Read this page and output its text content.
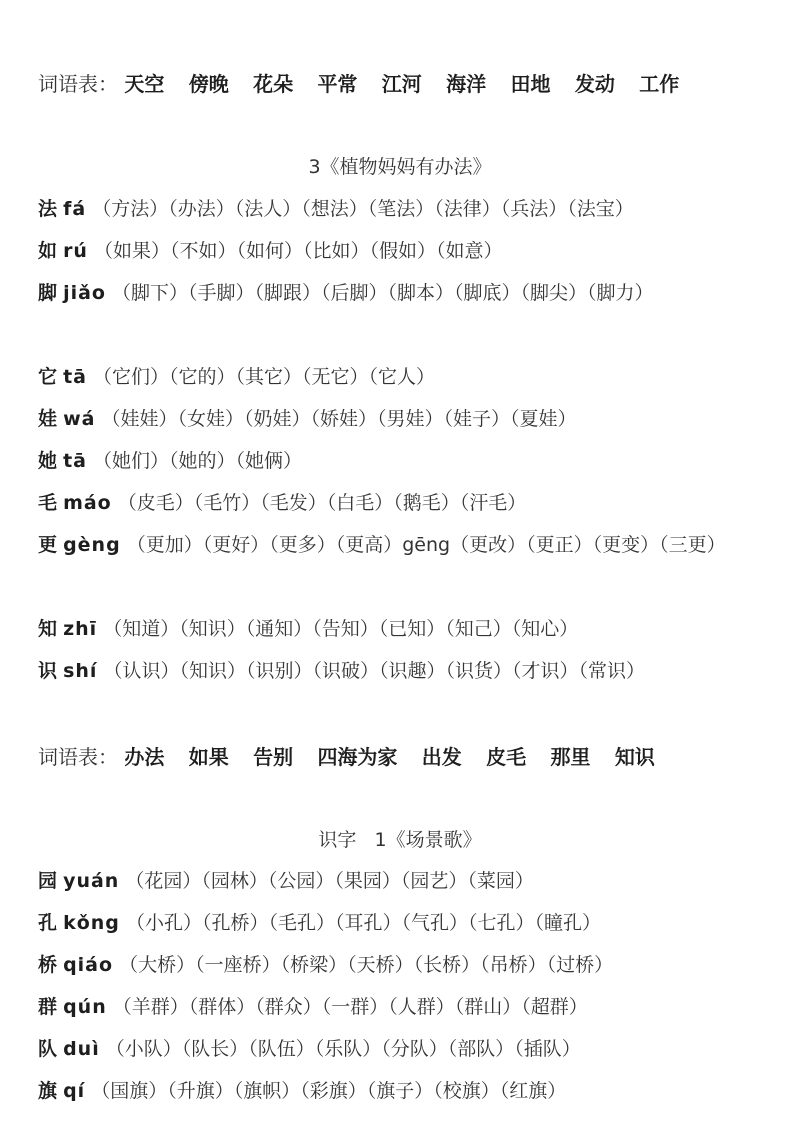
词语表： 天空 傍晚 花朵 平常 江河 海洋 田地 发动 工作
3《植物妈妈有办法》
法 fá （方法）（办法）（法人）（想法）（笔法）（法律）（兵法）（法宝）
如 rú （如果）（不如）（如何）（比如）（假如）（如意）
脚 jiǎo （脚下）（手脚）（脚跟）（后脚）（脚本）（脚底）（脚尖）（脚力）
它 tā （它们）（它的）（其它）（无它）（它人）
娃 wá （娃娃）（女娃）（奶娃）（娇娃）（男娃）（娃子）（夏娃）
她 tā （她们）（她的）（她俩）
毛 máo （皮毛）（毛竹）（毛发）（白毛）（鹅毛）（汗毛）
更 gèng （更加）（更好）（更多）（更高）gēng（更改）（更正）（更变）（三更）
知 zhī （知道）（知识）（通知）（告知）（已知）（知己）（知心）
识 shí （认识）（知识）（识别）（识破）（识趣）（识货）（才识）（常识）
词语表： 办法 如果 告别 四海为家 出发 皮毛 那里 知识
识字 1《场景歌》
园 yuán （花园）（园林）（公园）（果园）（园艺）（菜园）
孔 kǒng （小孔）（孔桥）（毛孔）（耳孔）（气孔）（七孔）（瞳孔）
桥 qiáo （大桥）（一座桥）（桥梁）（天桥）（长桥）（吊桥）（过桥）
群 qún （羊群）（群体）（群众）（一群）（人群）（群山）（超群）
队 duì （小队）（队长）（队伍）（乐队）（分队）（部队）（插队）
旗 qí （国旗）（升旗）（旗帜）（彩旗）（旗子）（校旗）（红旗）
